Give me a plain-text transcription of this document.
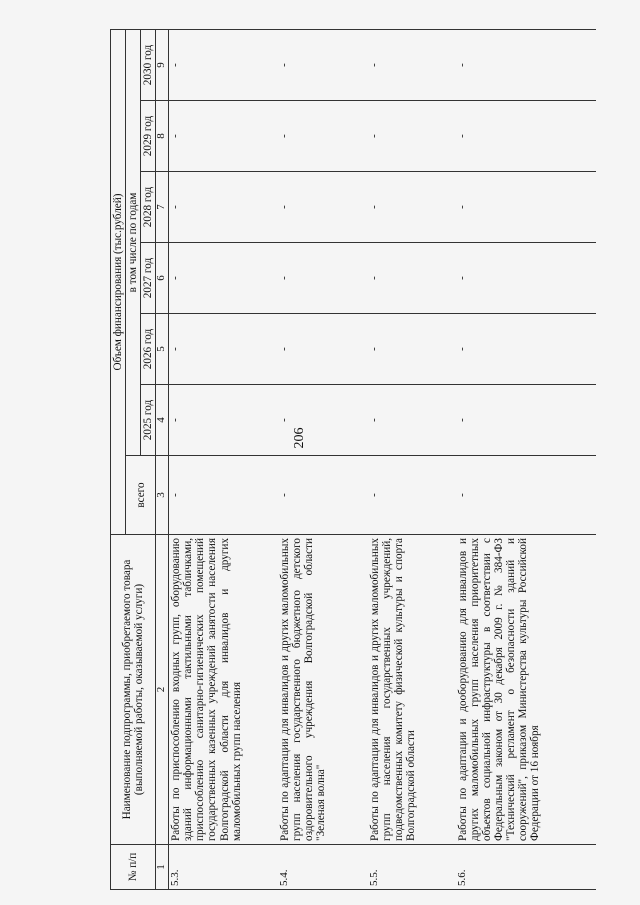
206
№ п/п	Наименование подпрограммы, приобретаемого товара (выполняемой работы, оказываемой услуги)	Объем финансирования (тыс.рублей)						
		всего	в том числе по годам					
			2025 год	2026 год	2027 год	2028 год	2029 год	2030 год
1	2	3	4	5	6	7	8	9
5.3.	Работы по приспособлению входных групп, оборудованию зданий информационными тактильными табличками, приспособлению санитарно-гигиенических помещений государственных казенных учреждений занятости населения Волгоградской области для инвалидов и других маломобильных групп населения	-	-	-	-	-	-	-
5.4.	Работы по адаптации для инвалидов и других маломобильных групп населения государственного бюджетного детского оздоровительного учреждения Волгоградской области "Зеленая волна"	-	-	-	-	-	-	-
5.5.	Работы по адаптации для инвалидов и других маломобильных групп населения государственных учреждений, подведомственных комитету физической культуры и спорта Волгоградской области	-	-	-	-	-	-	-
5.6.	Работы по адаптации и дооборудованию для инвалидов и других маломобильных групп населения приоритетных объектов социальной инфраструктуры в соответствии с Федеральным законом от 30 декабря 2009 г. № 384-ФЗ "Технический регламент о безопасности зданий и сооружений", приказом Министерства культуры Российской Федерации от 16 ноября	-	-	-	-	-	-	-
